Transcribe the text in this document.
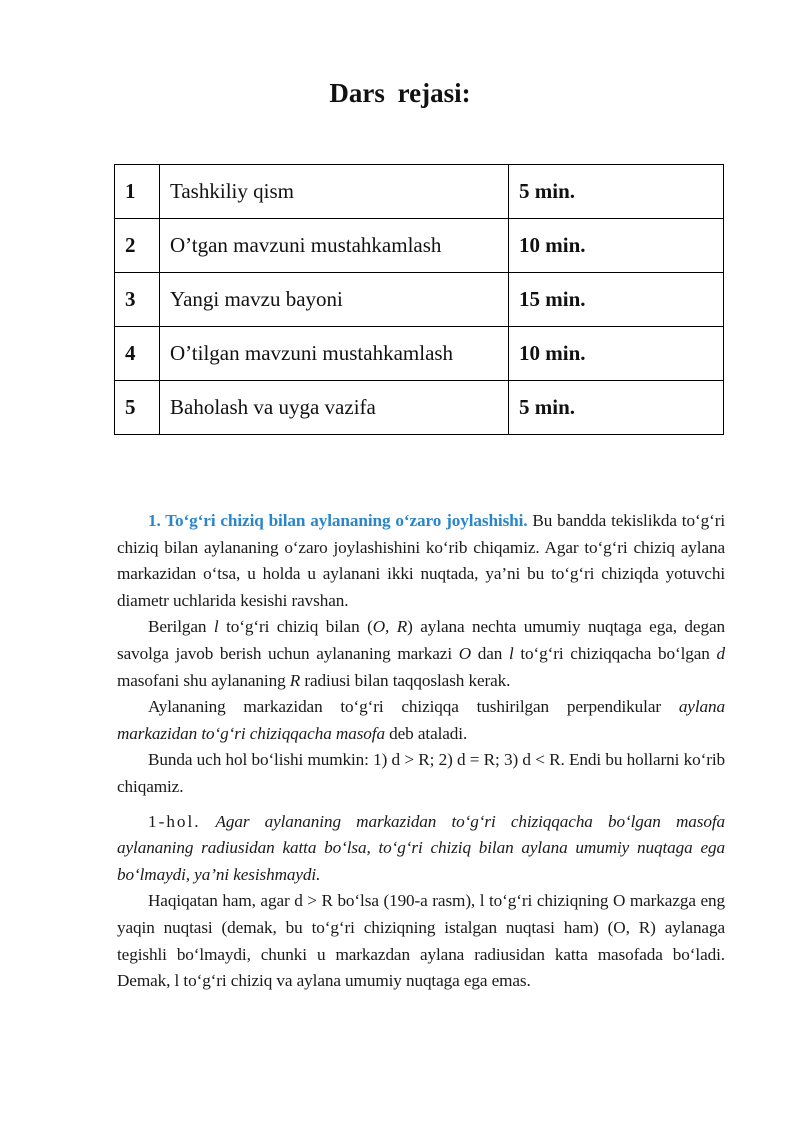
Dars rejasi:
1	Tashkiliy qism	5 min.
2	O’tgan mavzuni mustahkamlash	10 min.
3	Yangi mavzu bayoni	15 min.
4	O’tilgan mavzuni mustahkamlash	10 min.
5	Baholash va uyga vazifa	5 min.

1. To‘g‘ri chiziq bilan aylananing o‘zaro joylashishi. Bu bandda tekislikda to‘g‘ri chiziq bilan aylananing o‘zaro joylashishini ko‘rib chiqamiz. Agar to‘g‘ri chiziq aylana markazidan o‘tsa, u holda u aylanani ikki nuqtada, ya’ni bu to‘g‘ri chiziqda yotuvchi diametr uchlarida kesishi ravshan.

Berilgan l to‘g‘ri chiziq bilan (O, R) aylana nechta umumiy nuqtaga ega, degan savolga javob berish uchun aylananing markazi O dan l to‘g‘ri chiziqqacha bo‘lgan d masofani shu aylananing R radiusi bilan taqqoslash kerak.

Aylananing markazidan to‘g‘ri chiziqqa tushirilgan perpendikular aylana markazidan to‘g‘ri chiziqqacha masofa deb ataladi.

Bunda uch hol bo‘lishi mumkin: 1) d > R; 2) d = R; 3) d < R. Endi bu hollarni ko‘rib chiqamiz.

1-hol. Agar aylananing markazidan to‘g‘ri chiziqqacha bo‘lgan masofa aylananing radiusidan katta bo‘lsa, to‘g‘ri chiziq bilan aylana umumiy nuqtaga ega bo‘lmaydi, ya’ni kesishmaydi.

Haqiqatan ham, agar d > R bo‘lsa (190-a rasm), l to‘g‘ri chiziqning O markazga eng yaqin nuqtasi (demak, bu to‘g‘ri chiziqning istalgan nuqtasi ham) (O, R) aylanaga tegishli bo‘lmaydi, chunki u markazdan aylana radiusidan katta masofada bo‘ladi. Demak, l to‘g‘ri chiziq va aylana umumiy nuqtaga ega emas.
